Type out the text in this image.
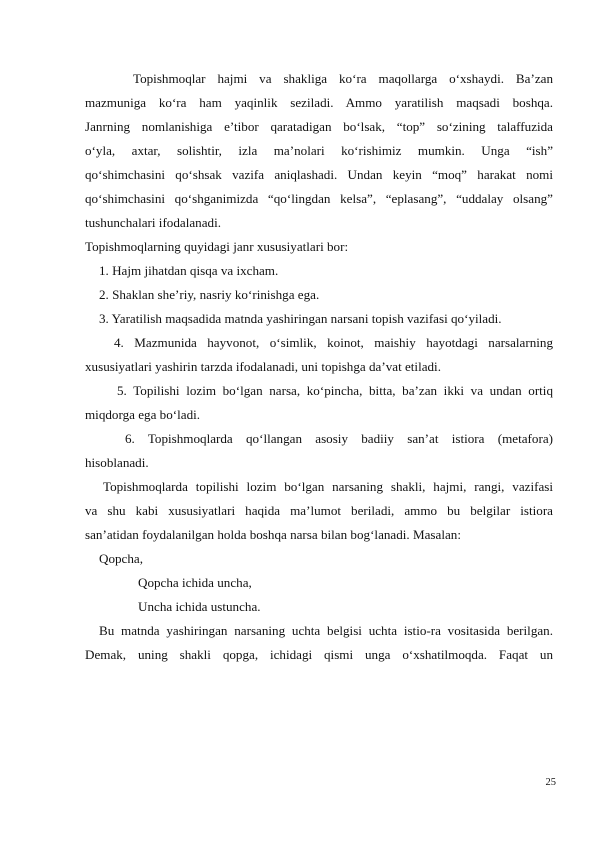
Topishmoqlar hajmi va shakliga ko‘ra maqollarga o‘xshaydi. Ba’zan
mazmuniga ko‘ra ham yaqinlik seziladi. Ammo yaratilish maqsadi boshqa.
Janrning nomlanishiga e’tibor qaratadigan bo‘lsak, “top” so‘zining talaffuzida
o‘yla, axtar, solishtir, izla ma’nolari ko‘rishimiz mumkin. Unga “ish”
qo‘shimchasini qo‘shsak vazifa aniqlashadi. Undan keyin “moq” harakat nomi
qo‘shimchasini qo‘shganimizda “qo‘lingdan kelsa”, “eplasang”, “uddalay olsang”
tushunchalari ifodalanadi.
Topishmoqlarning quyidagi janr xususiyatlari bor:
1. Hajm jihatdan qisqa va ixcham.
2. Shaklan she’riy, nasriy ko‘rinishga ega.
3. Yaratilish maqsadida matnda yashiringan narsani topish vazifasi qo‘yiladi.
4. Mazmunida hayvonot, o‘simlik, koinot, maishiy hayotdagi narsalarning
xususiyatlari yashirin tarzda ifodalanadi, uni topishga da’vat etiladi.
5. Topilishi lozim bo‘lgan narsa, ko‘pincha, bitta, ba’zan ikki va undan ortiq
miqdorga ega bo‘ladi.
6. Topishmoqlarda qo‘llangan asosiy badiiy san’at istiora (metafora)
hisoblanadi.
Topishmoqlarda topilishi lozim bo‘lgan narsaning shakli, hajmi, rangi, vazifasi
va shu kabi xususiyatlari haqida ma’lumot beriladi, ammo bu belgilar istiora
san’atidan foydalanilgan holda boshqa narsa bilan bog‘lanadi. Masalan:
Qopcha,
Qopcha ichida uncha,
Uncha ichida ustuncha.
Bu matnda yashiringan narsaning uchta belgisi uchta istio-ra vositasida berilgan.
Demak, uning shakli qopga, ichidagi qismi unga o‘xshatilmoqda. Faqat un
25
